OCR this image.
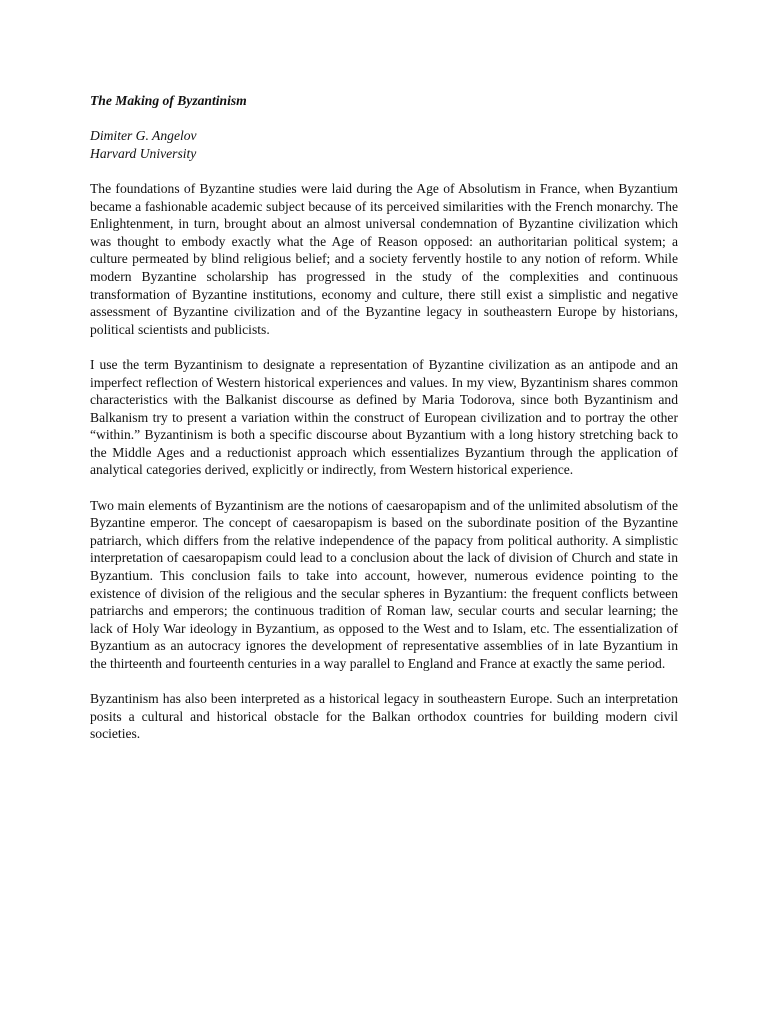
The Making of Byzantinism

Dimiter G. Angelov

Harvard University

The foundations of Byzantine studies were laid during the Age of Absolutism in France, when Byzantium became a fashionable academic subject because of its perceived similarities with the French monarchy. The Enlightenment, in turn, brought about an almost universal condemnation of Byzantine civilization which was thought to embody exactly what the Age of Reason opposed: an authoritarian political system; a culture permeated by blind religious belief; and a society fervently hostile to any notion of reform. While modern Byzantine scholarship has progressed in the study of the complexities and continuous transformation of Byzantine institutions, economy and culture, there still exist a simplistic and negative assessment of Byzantine civilization and of the Byzantine legacy in southeastern Europe by historians, political scientists and publicists.

I use the term Byzantinism to designate a representation of Byzantine civilization as an antipode and an imperfect reflection of Western historical experiences and values. In my view, Byzantinism shares common characteristics with the Balkanist discourse as defined by Maria Todorova, since both Byzantinism and Balkanism try to present a variation within the construct of European civilization and to portray the other “within.” Byzantinism is both a specific discourse about Byzantium with a long history stretching back to the Middle Ages and a reductionist approach which essentializes Byzantium through the application of analytical categories derived, explicitly or indirectly, from Western historical experience.

Two main elements of Byzantinism are the notions of caesaropapism and of the unlimited absolutism of the Byzantine emperor. The concept of caesaropapism is based on the subordinate position of the Byzantine patriarch, which differs from the relative independence of the papacy from political authority. A simplistic interpretation of caesaropapism could lead to a conclusion about the lack of division of Church and state in Byzantium. This conclusion fails to take into account, however, numerous evidence pointing to the existence of division of the religious and the secular spheres in Byzantium: the frequent conflicts between patriarchs and emperors; the continuous tradition of Roman law, secular courts and secular learning; the lack of Holy War ideology in Byzantium, as opposed to the West and to Islam, etc. The essentialization of Byzantium as an autocracy ignores the development of representative assemblies of in late Byzantium in the thirteenth and fourteenth centuries in a way parallel to England and France at exactly the same period.

Byzantinism has also been interpreted as a historical legacy in southeastern Europe. Such an interpretation posits a cultural and historical obstacle for the Balkan orthodox countries for building modern civil societies.
